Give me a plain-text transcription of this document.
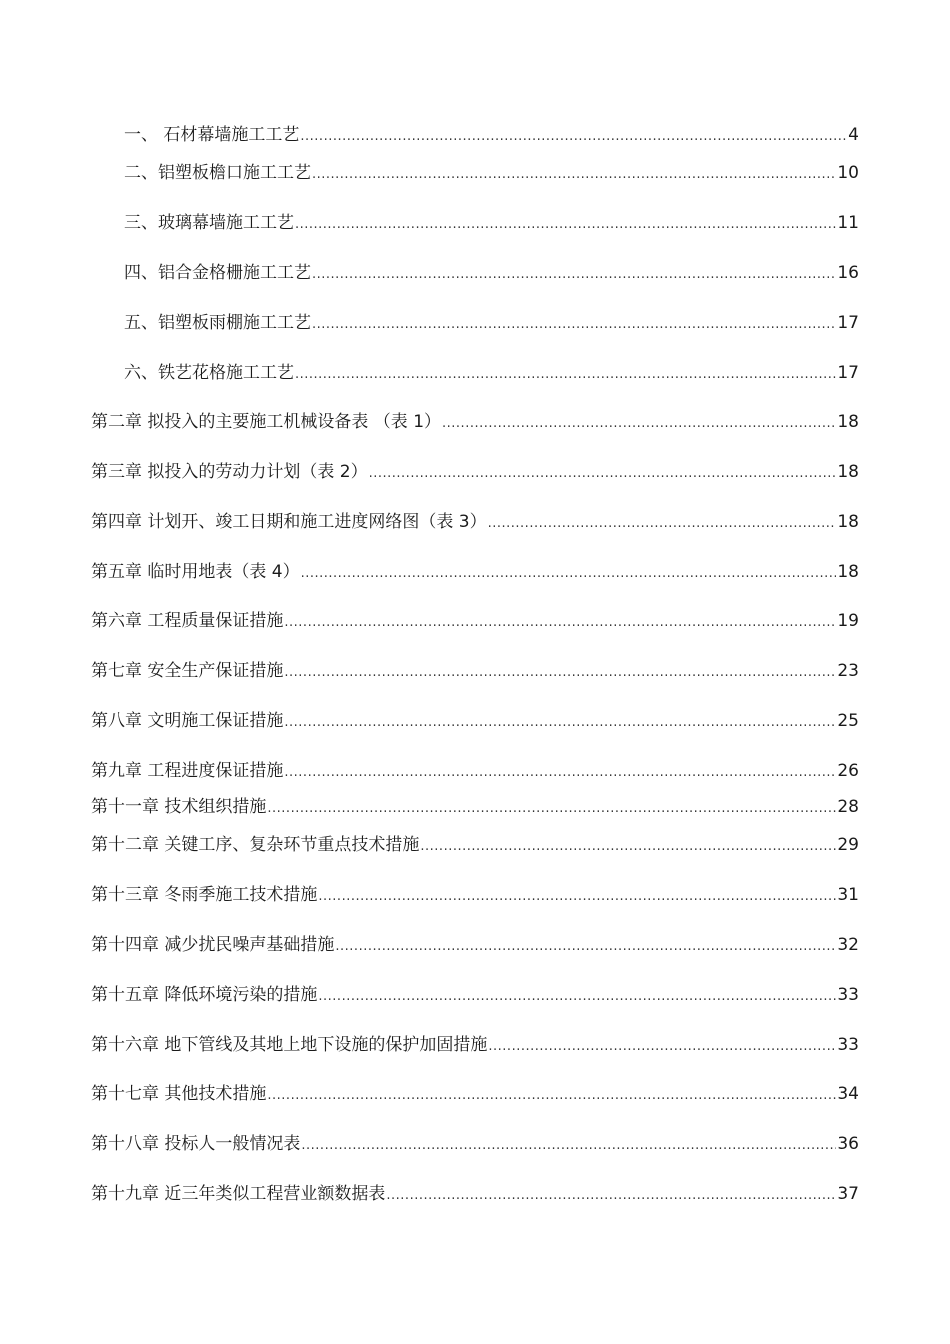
一、 石材幕墙施工工艺 .....	4
二、铝塑板檐口施工工艺 .....	10
三、玻璃幕墙施工工艺 .....	11
四、铝合金格栅施工工艺 .....	16
五、铝塑板雨棚施工工艺 .....	17
六、铁艺花格施工工艺 .....	17
第二章 拟投入的主要施工机械设备表 （表 1） .....	18
第三章 拟投入的劳动力计划（表 2） .....	18
第四章 计划开、竣工日期和施工进度网络图（表 3） .....	18
第五章 临时用地表（表 4） .....	18
第六章 工程质量保证措施 .....	19
第七章 安全生产保证措施 .....	23
第八章 文明施工保证措施 .....	25
第九章 工程进度保证措施 .....	26
第十一章 技术组织措施 .....	28
第十二章 关键工序、复杂环节重点技术措施 .....	29
第十三章 冬雨季施工技术措施 .....	31
第十四章 减少扰民噪声基础措施 .....	32
第十五章 降低环境污染的措施 .....	33
第十六章 地下管线及其地上地下设施的保护加固措施 .....	33
第十七章 其他技术措施 .....	34
第十八章 投标人一般情况表 .....	36
第十九章 近三年类似工程营业额数据表 .....	37
